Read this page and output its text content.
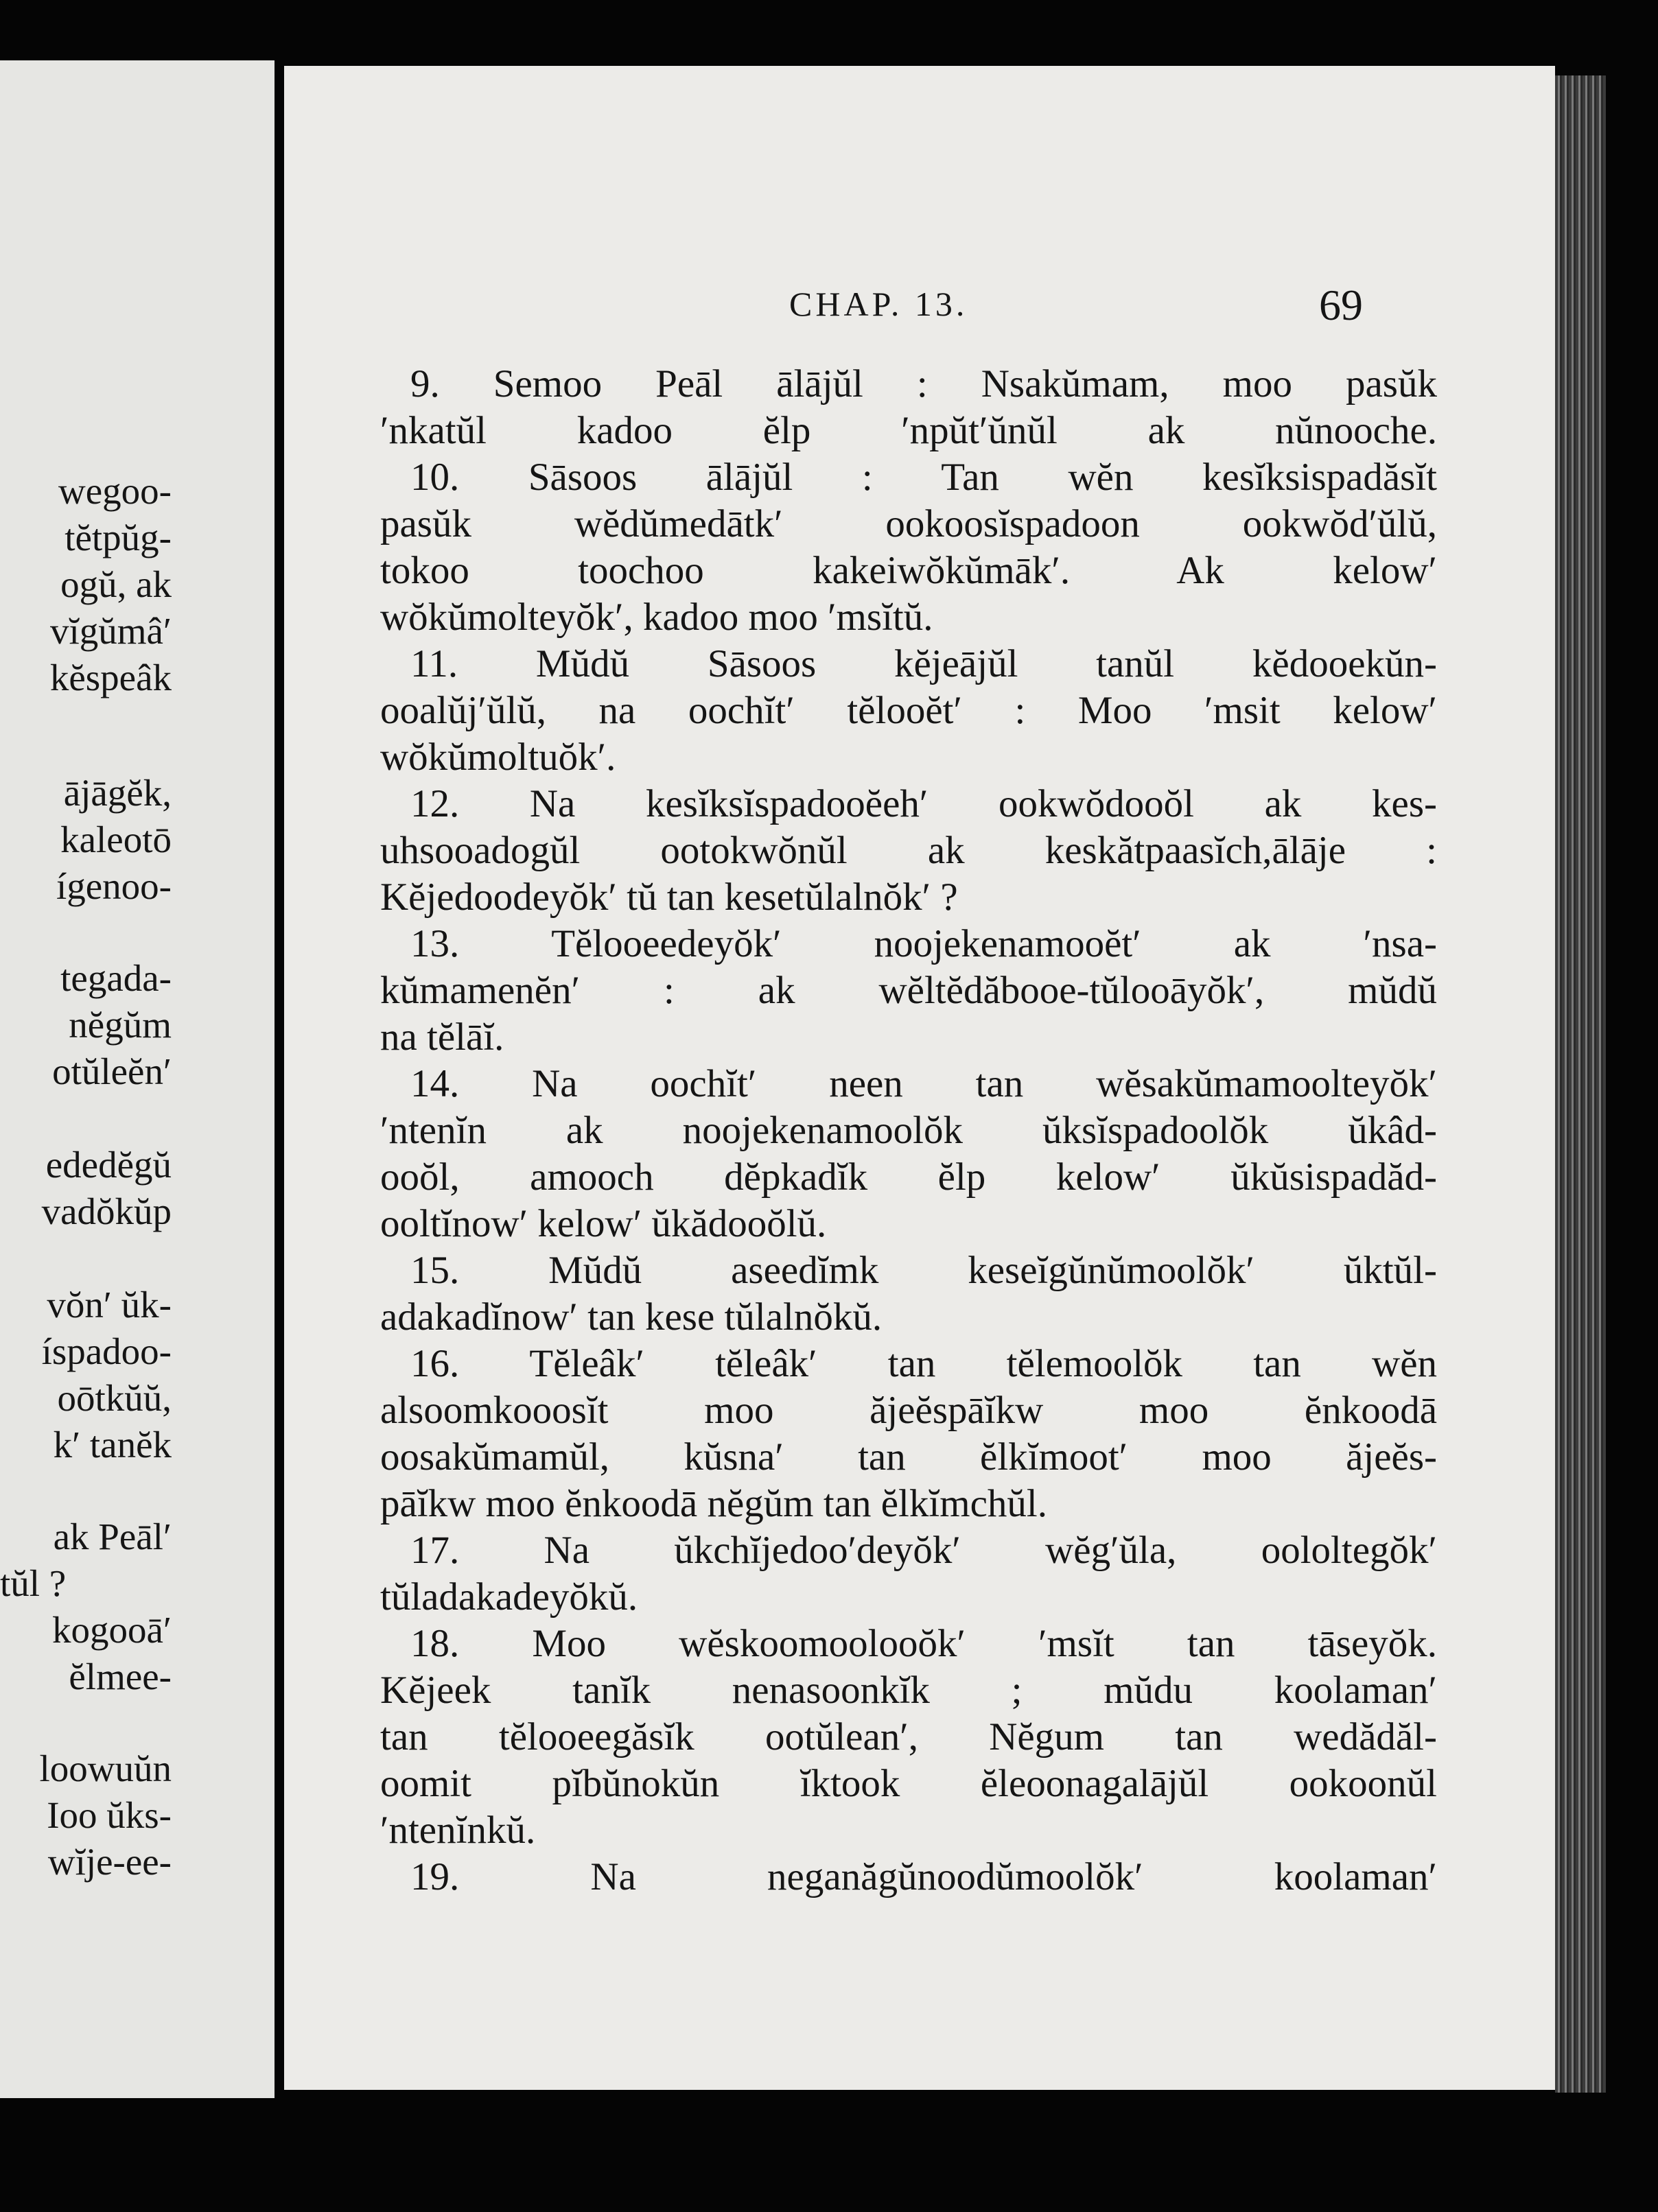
wegoo-
tĕtpŭg-
ogŭ, ak
vĭgŭmâ′
kĕspeâk
ājāgĕk,
kaleotō
ígenoo-
tegada-
nĕgŭm
otŭleĕn′
ededĕgŭ
vadŏkŭp
vŏn′ ŭk-
íspadoo-
oōtkŭŭ,
k′ tanĕk
ak Peāl′
tŭl ?
kogooā′
ĕlmee-
loowuŭn
Ioo ŭks-
wĭje-ee-
CHAP. 13.	69
9. Semoo Peāl ālājŭl : Nsakŭmam, moo pasŭk
′nkatŭl kadoo ĕlp ′npŭt′ŭnŭl ak nŭnooche.
10. Sāsoos ālājŭl : Tan wĕn kesĭksispadăsĭt
pasŭk wĕdŭmedātk′ ookoosĭspadoon ookwŏd′ŭlŭ,
tokoo toochoo kakeiwŏkŭmāk′. Ak kelow′
wŏkŭmolteyŏk′, kadoo moo ′msĭtŭ.
11. Mŭdŭ Sāsoos kĕjeājŭl tanŭl kĕdooekŭn-
ooalŭj′ŭlŭ, na oochĭt′ tĕlooĕt′ : Moo ′msit kelow′
wŏkŭmoltuŏk′.
12. Na kesĭksĭspadooĕeh′ ookwŏdooŏl ak kes-
uhsooadogŭl ootokwŏnŭl ak keskătpaasĭch,ālāje :
Kĕjedoodeyŏk′ tŭ tan kesetŭlalnŏk′ ?
13. Tĕlooeedeyŏk′ noojekenamooĕt′ ak ′nsa-
kŭmamenĕn′ : ak wĕltĕdăbooe-tŭlooāyŏk′, mŭdŭ
na tĕlāĭ.
14. Na oochĭt′ neen tan wĕsakŭmamoolteyŏk′
′ntenĭn ak noojekenamoolŏk ŭksĭspadoolŏk ŭkâd-
ooŏl, amooch dĕpkadĭk ĕlp kelow′ ŭkŭsispadăd-
ooltĭnow′ kelow′ ŭkădooŏlŭ.
15. Mŭdŭ aseedĭmk keseĭgŭnŭmoolŏk′ ŭktŭl-
adakadĭnow′ tan kese tŭlalnŏkŭ.
16. Tĕleâk′ tĕleâk′ tan tĕlemoolŏk tan wĕn
alsoomkooosĭt moo ăjeĕspāĭkw moo ĕnkoodā
oosakŭmamŭl, kŭsna′ tan ĕlkĭmoot′ moo ăjeĕs-
pāĭkw moo ĕnkoodā nĕgŭm tan ĕlkĭmchŭl.
17. Na ŭkchĭjedoo′deyŏk′ wĕg′ŭla, oololtegŏk′
tŭladakadeyŏkŭ.
18. Moo wĕskoomoolooŏk′ ′msĭt tan tāseyŏk.
Kĕjeek tanĭk nenasoonkĭk ; mŭdu koolaman′
tan tĕlooeegăsĭk ootŭlean′, Nĕgum tan wedădăl-
oomit pĭbŭnokŭn ĭktook ĕleoonagalājŭl ookoonŭl
′ntenĭnkŭ.
19. Na neganăgŭnoodŭmoolŏk′ koolaman′
